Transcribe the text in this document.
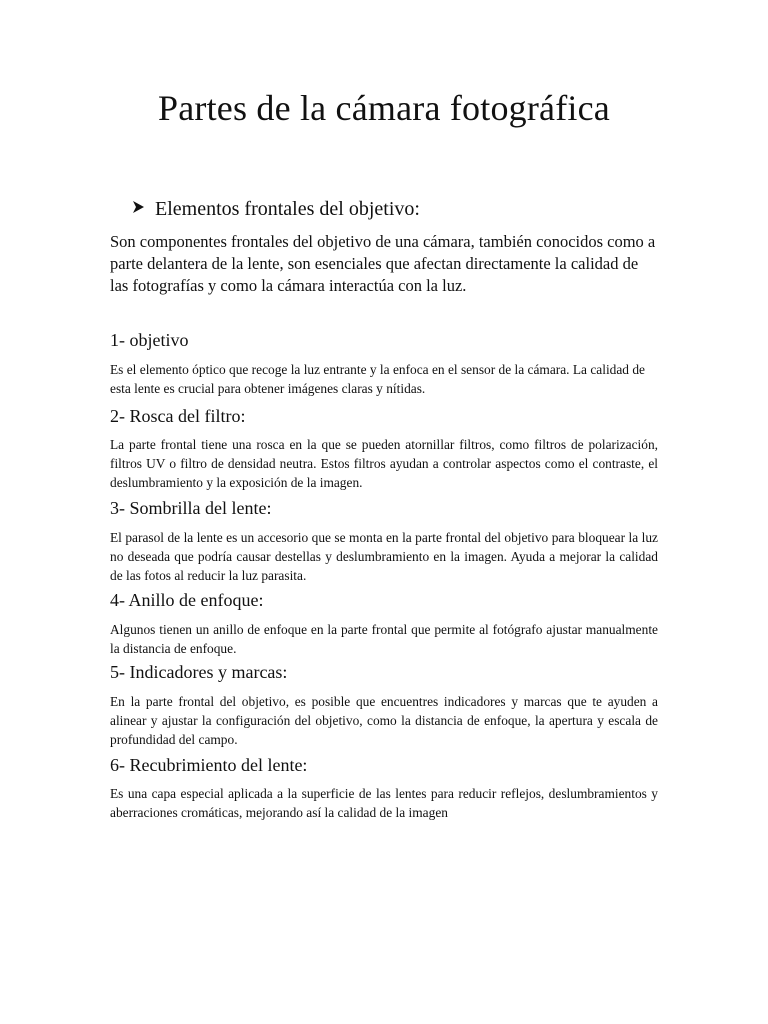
Partes de la cámara fotográfica
Elementos frontales del objetivo:

Son componentes frontales del objetivo de una cámara, también conocidos como a parte delantera de la lente, son esenciales que afectan directamente la calidad de las fotografías y como la cámara interactúa con la luz.

1- objetivo

Es el elemento óptico que recoge la luz entrante y la enfoca en el sensor de la cámara. La calidad de esta lente es crucial para obtener imágenes claras y nítidas.

2- Rosca del filtro:

La parte frontal tiene una rosca en la que se pueden atornillar filtros, como filtros de polarización, filtros UV o filtro de densidad neutra. Estos filtros ayudan a controlar aspectos como el contraste, el deslumbramiento y la exposición de la imagen.

3- Sombrilla del lente:

El parasol de la lente es un accesorio que se monta en la parte frontal del objetivo para bloquear la luz no deseada que podría causar destellas y deslumbramiento en la imagen. Ayuda a mejorar la calidad de las fotos al reducir la luz parasita.

4- Anillo de enfoque:

Algunos tienen un anillo de enfoque en la parte frontal que permite al fotógrafo ajustar manualmente la distancia de enfoque.

5- Indicadores y marcas:

En la parte frontal del objetivo, es posible que encuentres indicadores y marcas que te ayuden a alinear y ajustar la configuración del objetivo, como la distancia de enfoque, la apertura y escala de profundidad del campo.

6- Recubrimiento del lente:

Es una capa especial aplicada a la superficie de las lentes para reducir reflejos, deslumbramientos y aberraciones cromáticas, mejorando así la calidad de la imagen
